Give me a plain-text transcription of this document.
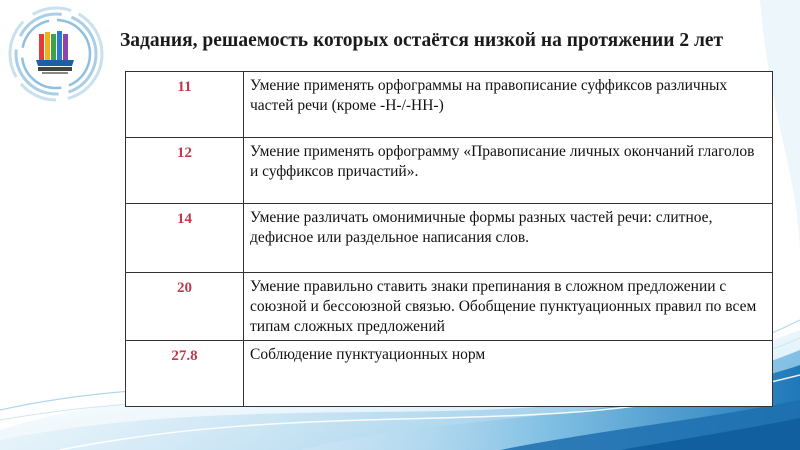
Задания, решаемость которых остаётся низкой на протяжении 2 лет
11	Умение применять орфограммы на правописание суффиксов различных частей речи (кроме -Н-/-НН-)
12	Умение применять орфограмму «Правописание личных окончаний глаголов и суффиксов причастий».
14	Умение различать омонимичные формы разных частей речи: слитное, дефисное или раздельное написания слов.
20	Умение правильно ставить знаки препинания в сложном предложении с союзной и бессоюзной связью. Обобщение пунктуационных правил по всем типам сложных предложений
27.8	Соблюдение пунктуационных норм
